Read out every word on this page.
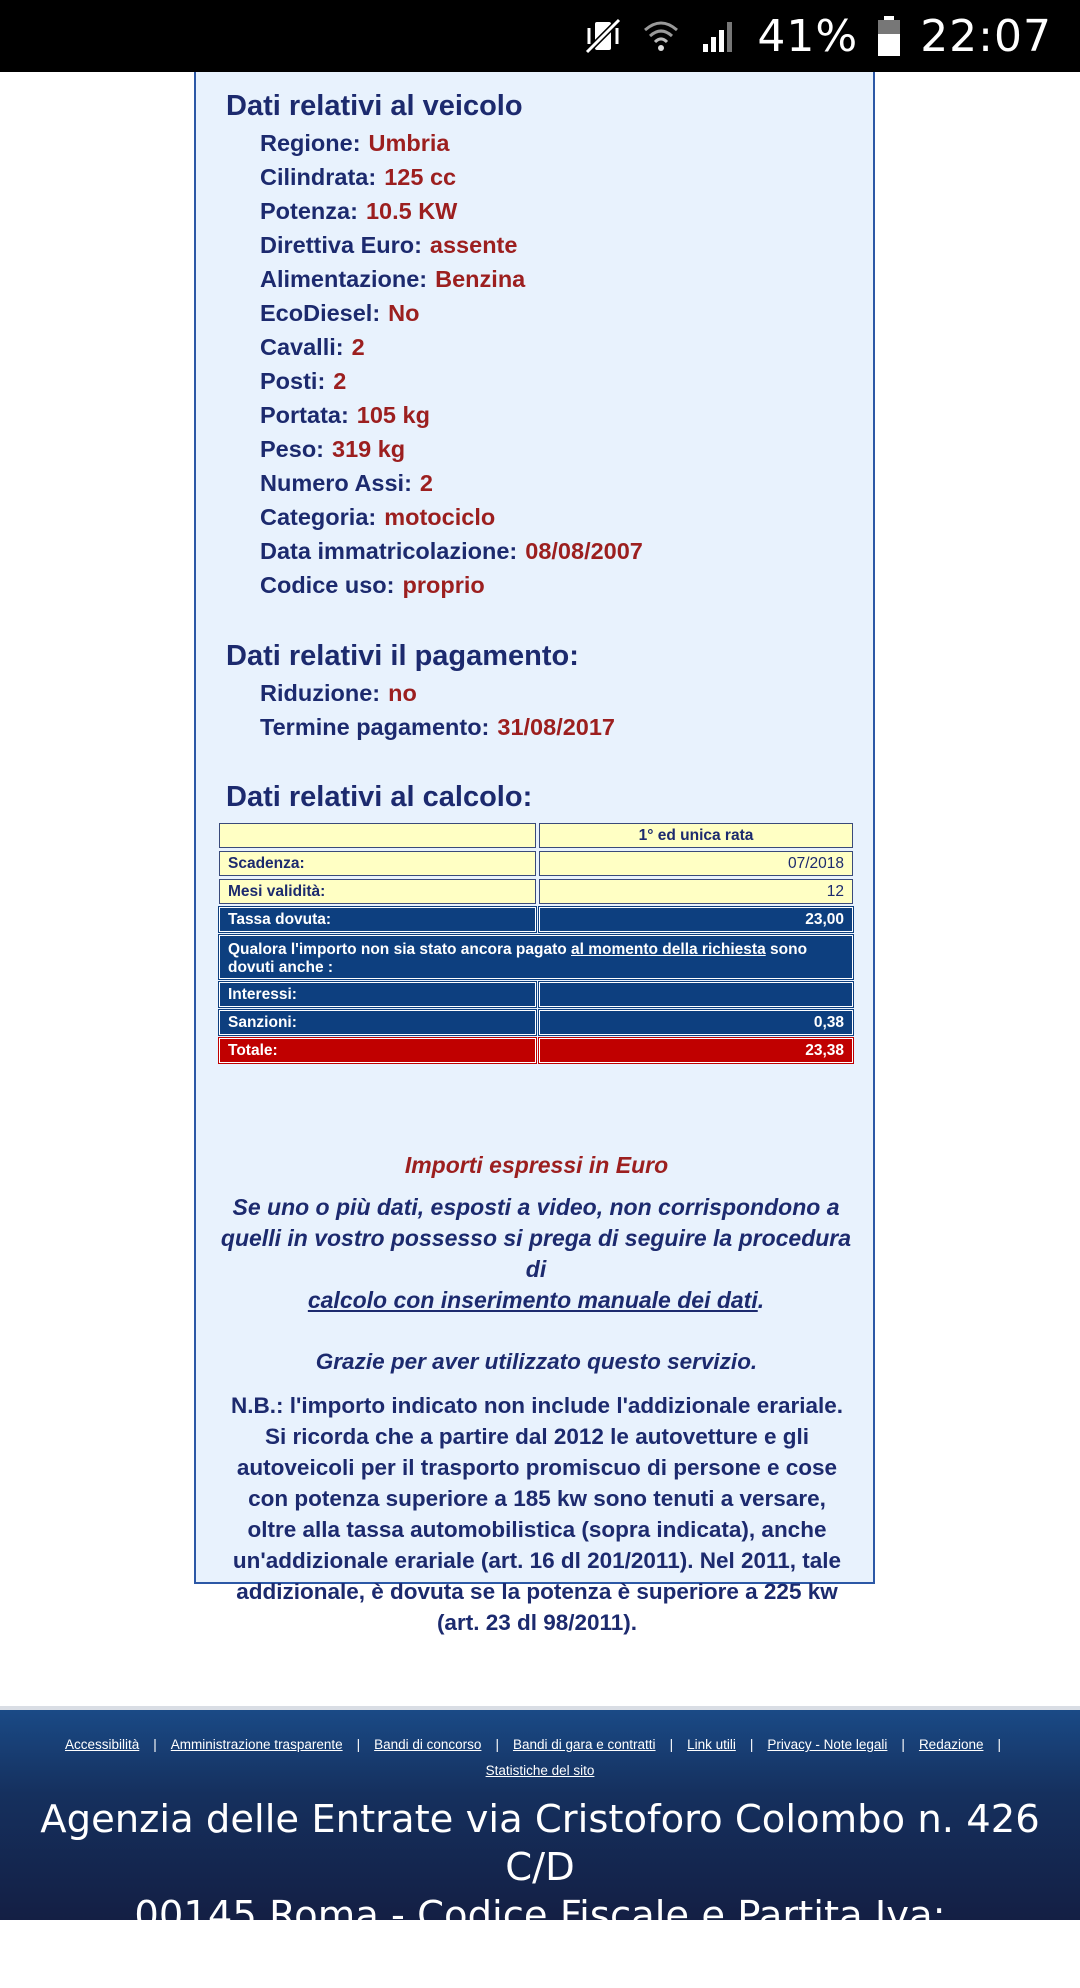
41% 22:07
Dati relativi al veicolo
Regione: Umbria
Cilindrata: 125 cc
Potenza: 10.5 KW
Direttiva Euro: assente
Alimentazione: Benzina
EcoDiesel: No
Cavalli: 2
Posti: 2
Portata: 105 kg
Peso: 319 kg
Numero Assi: 2
Categoria: motociclo
Data immatricolazione: 08/08/2007
Codice uso: proprio
Dati relativi il pagamento:
Riduzione: no
Termine pagamento: 31/08/2017
Dati relativi al calcolo:
	1° ed unica rata
Scadenza:	07/2018
Mesi validità:	12
Tassa dovuta:	23,00
Qualora l'importo non sia stato ancora pagato al momento della richiesta sono dovuti anche :	
Interessi:	
Sanzioni:	0,38
Totale:	23,38
Importi espressi in Euro
Se uno o più dati, esposti a video, non corrispondono a quelli in vostro possesso si prega di seguire la procedura di
calcolo con inserimento manuale dei dati.
Grazie per aver utilizzato questo servizio.
N.B.: l'importo indicato non include l'addizionale erariale. Si ricorda che a partire dal 2012 le autovetture e gli autoveicoli per il trasporto promiscuo di persone e cose con potenza superiore a 185 kw sono tenuti a versare, oltre alla tassa automobilistica (sopra indicata), anche un'addizionale erariale (art. 16 dl 201/2011). Nel 2011, tale addizionale, è dovuta se la potenza è superiore a 225 kw (art. 23 dl 98/2011).
Accessibilità | Amministrazione trasparente | Bandi di concorso | Bandi di gara e contratti | Link utili | Privacy - Note legali | Redazione |
Statistiche del sito
Agenzia delle Entrate via Cristoforo Colombo n. 426 C/D
00145 Roma - Codice Fiscale e Partita Iva: 06363391001
